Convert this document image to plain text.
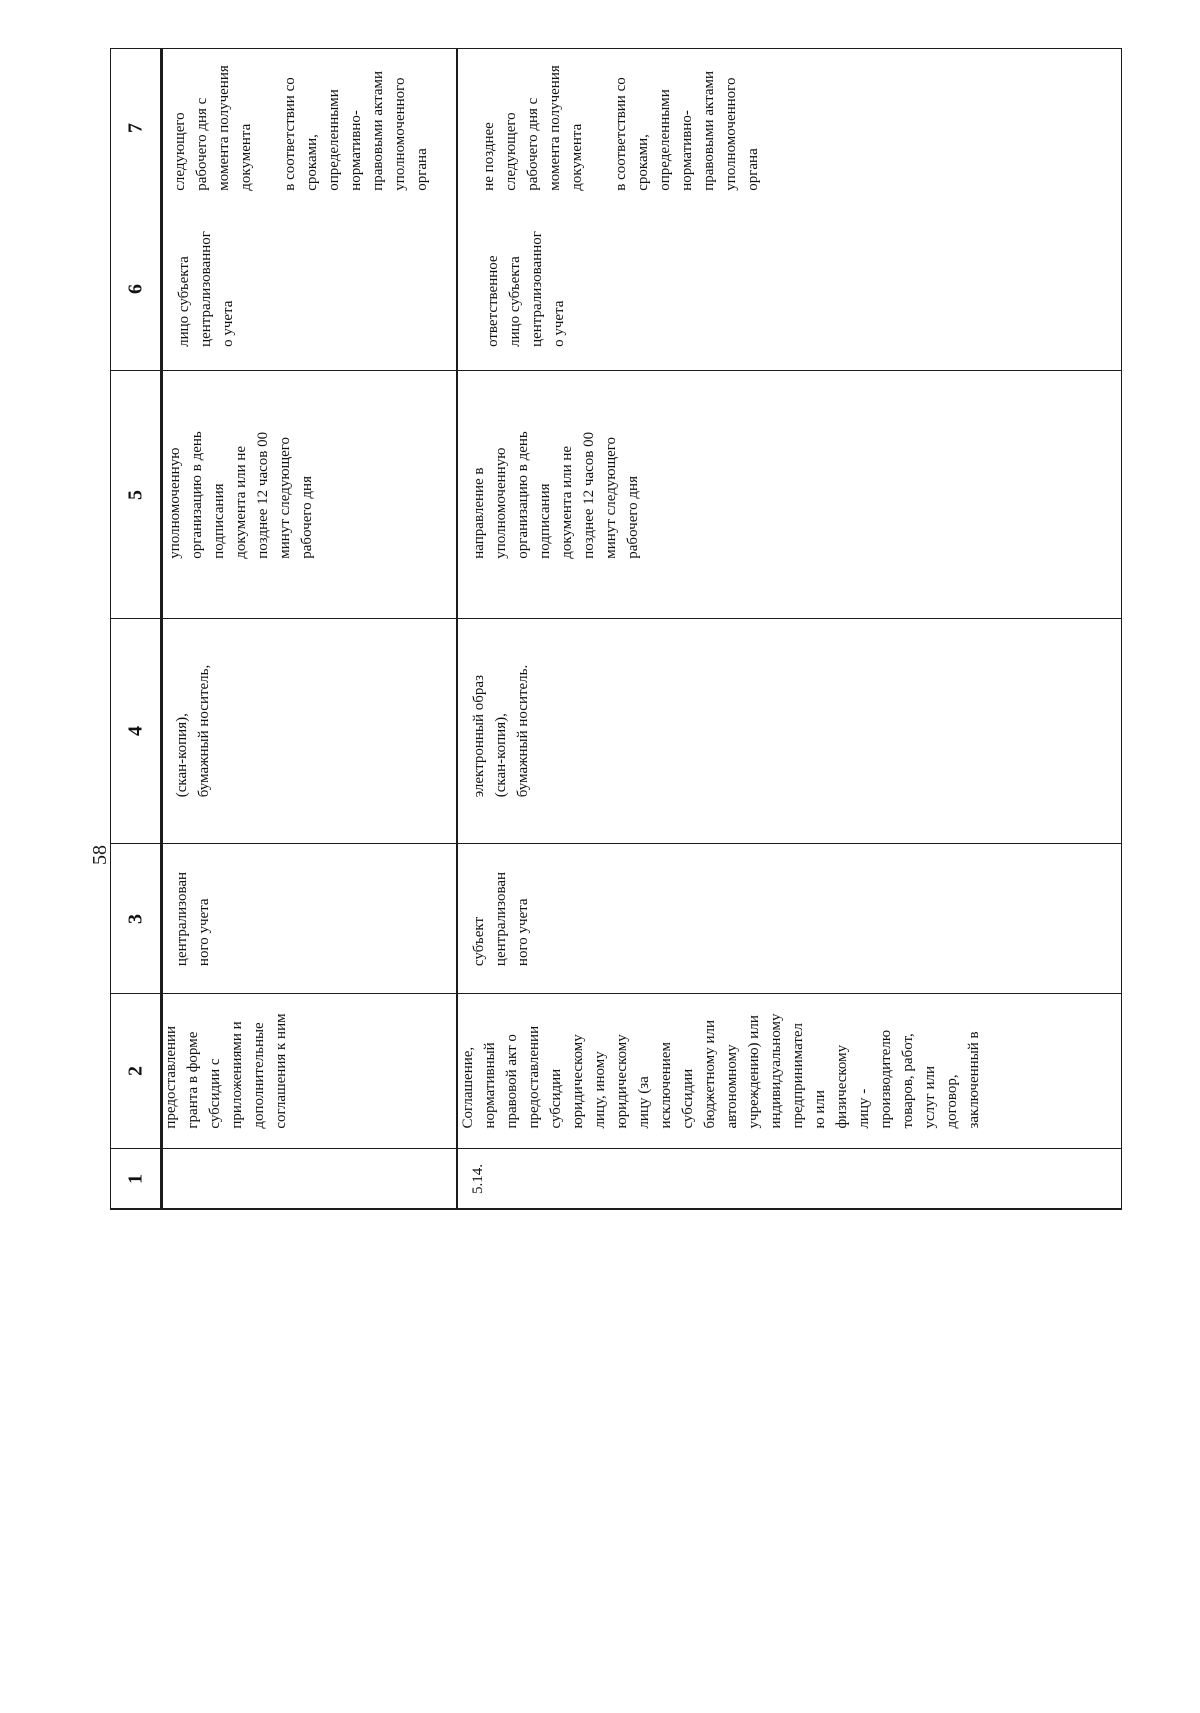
58
1
2
3
4
5
6
7
предоставлении
гранта в форме
субсидии с
приложениями и
дополнительные
соглашения к ним
централизован
ного учета
(скан-копия),
бумажный носитель,
уполномоченную
организацию в день
подписания
документа или не
позднее 12 часов 00
минут следующего
рабочего дня
лицо субъекта
централизованног
о учета
следующего
рабочего дня с
момента получения
документа

в соответствии со
сроками,
определенными
нормативно-
правовыми актами
уполномоченного
органа
5.14.
Соглашение,
нормативный
правовой акт о
предоставлении
субсидии
юридическому
лицу, иному
юридическому
лицу (за
исключением
субсидии
бюджетному или
автономному
учреждению) или
индивидуальному
предпринимател
ю или
физическому
лицу -
производителю
товаров, работ,
услуг или
договор,
заключенный в
субъект
централизован
ного учета
электронный образ
(скан-копия),
бумажный носитель.
направление в
уполномоченную
организацию в день
подписания
документа или не
позднее 12 часов 00
минут следующего
рабочего дня
ответственное
лицо субъекта
централизованног
о учета
не позднее
следующего
рабочего дня с
момента получения
документа

в соответствии со
сроками,
определенными
нормативно-
правовыми актами
уполномоченного
органа
